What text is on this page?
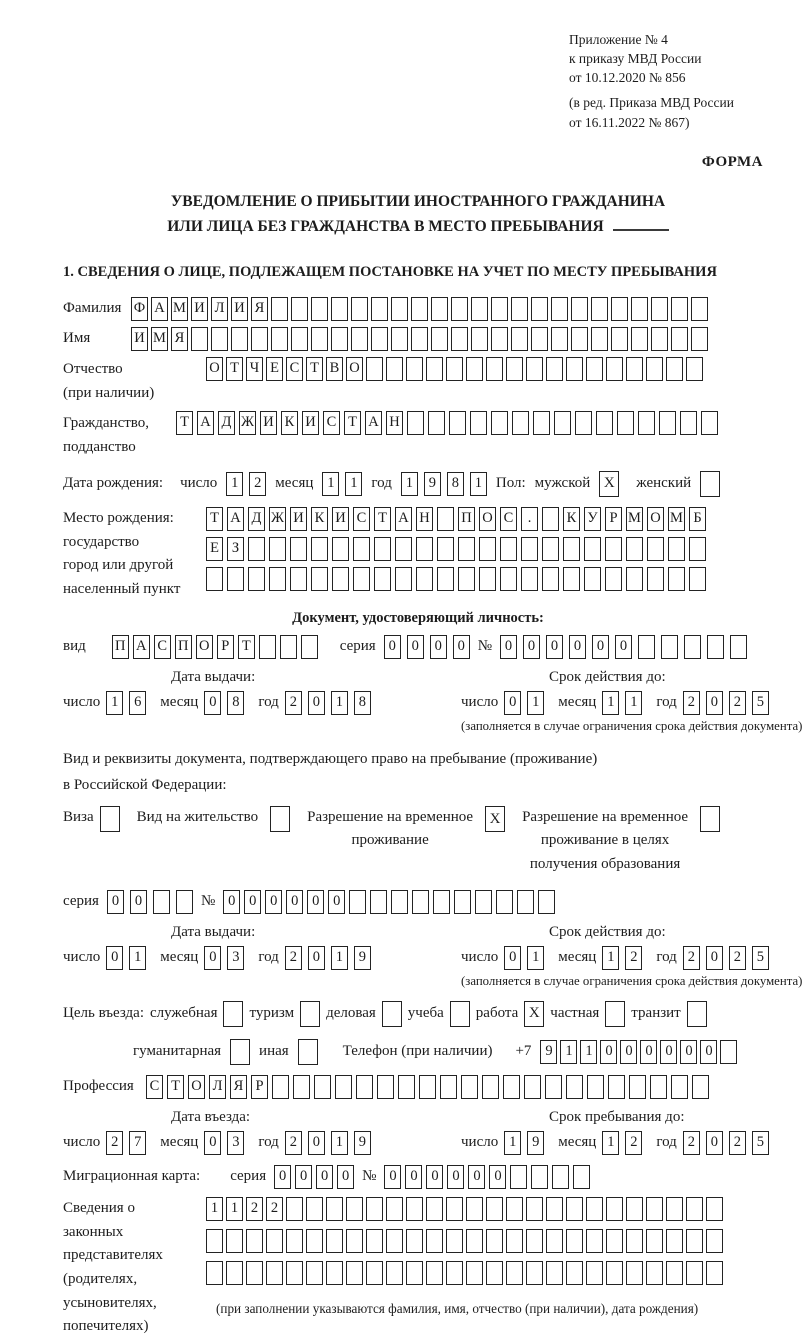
Приложение № 4
к приказу МВД России
от 10.12.2020 № 856
(в ред. Приказа МВД России
от 16.11.2022 № 867)
ФОРМА
УВЕДОМЛЕНИЕ О ПРИБЫТИИ ИНОСТРАННОГО ГРАЖДАНИНА
ИЛИ ЛИЦА БЕЗ ГРАЖДАНСТВА В МЕСТО ПРЕБЫВАНИЯ
1. СВЕДЕНИЯ О ЛИЦЕ, ПОДЛЕЖАЩЕМ ПОСТАНОВКЕ НА УЧЕТ ПО МЕСТУ ПРЕБЫВАНИЯ
Фамилия Ф А М И Л И Я
Имя	И М Я
Отчество
(при наличии)
О Т Ч Е С Т В О
Гражданство,
подданство
Т А Д Ж И К И С Т А Н
Дата рождения: число 1	2 месяц 1	1 год 1	9	8	1 Пол: мужской X	женский
Место рождения:
государство
город или другой
населенный пункт
Т А Д Ж И К И С Т А Н П О С .	К У Р М О М Б
Е З
Документ, удостоверяющий личность:
вид П А С П О Р Т	серия 0	0	0	0 № 0	0	0	0	0	0
Дата выдачи:
число 1	6	месяц 0	8	год 2	0	1	8
Срок действия до:
число 0	1	месяц 1	1	год 2	0	2	5
(заполняется в случае ограничения срока действия документа)
Вид и реквизиты документа, подтверждающего право на пребывание (проживание)
в Российской Федерации:
Виза	Вид на жительство	Разрешение на временное
проживание
X	Разрешение на временное
проживание в целях
получения образования
серия 0	0	№ 0 0 0 0 0 0
Дата выдачи:
число 0	1	месяц 0	3	год 2	0	1	9
Срок действия до:
число 0	1	месяц 1	2	год 2	0	2	5
(заполняется в случае ограничения срока действия документа)
Цель въезда: служебная туризм деловая учеба работа X частная транзит
гуманитарная	иная	Телефон (при наличии) +7 9 1 1 0 0 0 0 0 0
Профессия	С Т О Л Я Р
Дата въезда:
число 2	7	месяц 0	3	год 2	0	1	9
Срок пребывания до:
число 1	9	месяц 1	2	год 2	0	2	5
Миграционная карта: серия 0 0 0 0 № 0 0 0 0 0 0
Сведения о
законных
представителях
(родителях,
усыновителях,
попечителях)
1 1 2 2
(при заполнении указываются фамилия, имя, отчество (при наличии), дата рождения)
